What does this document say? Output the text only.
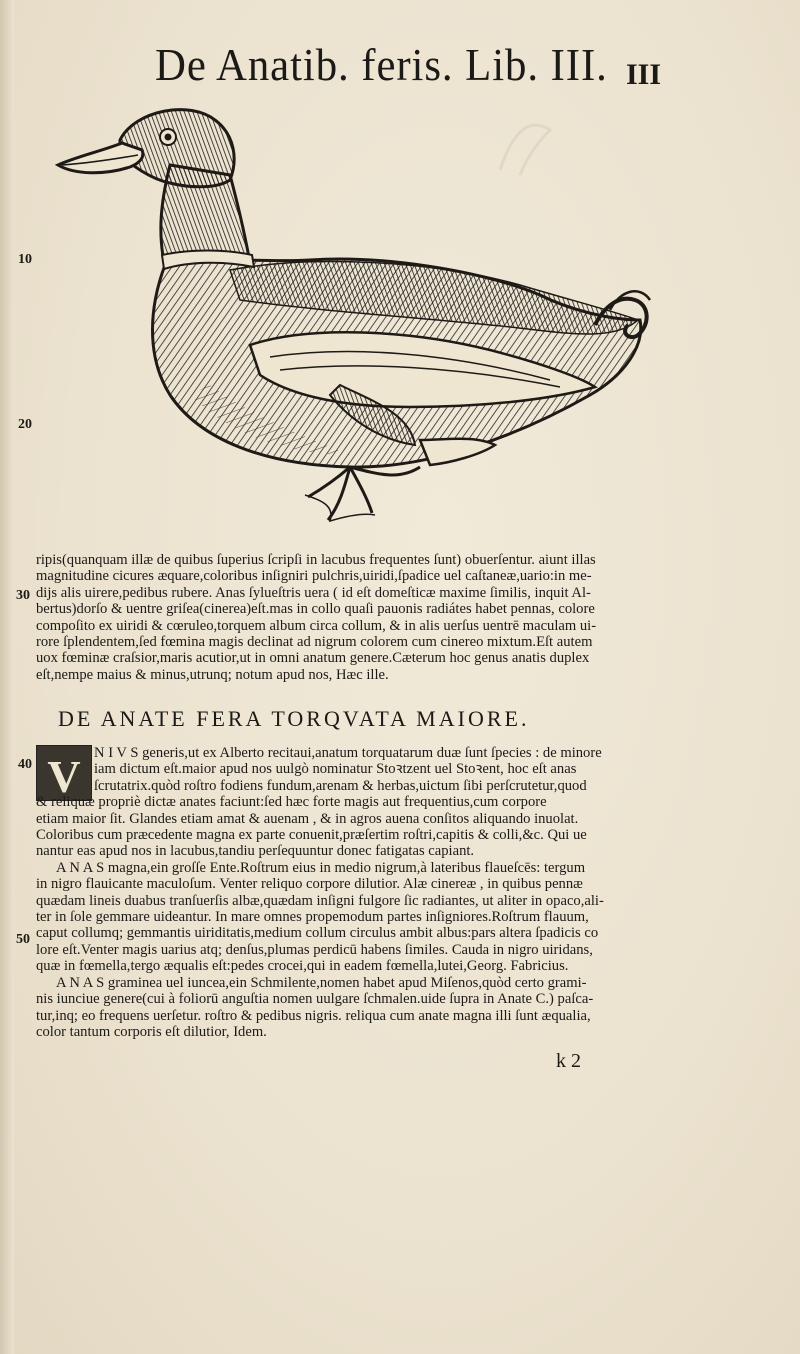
De Anatib. feris. Lib. III. III
10
20
30
40
50
ripis(quanquam illæ de quibus ſuperius ſcripſi in lacubus frequentes ſunt) obuerſentur. aiunt illas
magnitudine cicures æquare,coloribus inſigniri pulchris,uiridi,ſpadice uel caſtaneæ,uario:in me-
dijs alis uirere,pedibus rubere. Anas ſylueſtris uera ( id eſt domeſticæ maxime ſimilis, inquit Al-
bertus)dorſo & uentre griſea(cinerea)eſt.mas in collo quaſi pauonis radiátes habet pennas, colore
compoſito ex uiridi & cœruleo,torquem album circa collum, & in alis uerſus uentrē maculam ui-
rore ſplendentem,ſed fœmina magis declinat ad nigrum colorem cum cinereo mixtum.Eſt autem
uox fœminæ craſsior,maris acutior,ut in omni anatum genere.Cæterum hoc genus anatis duplex
eſt,nempe maius & minus,utrunq; notum apud nos, Hæc ille.
DE ANATE FERA TORQVATA MAIORE.
V N I V S generis,ut ex Alberto recitaui,anatum torquatarum duæ ſunt ſpecies : de minore
iam dictum eſt.maior apud nos uulgò nominatur Stoꝛtzent uel Stoꝛent, hoc eſt anas
ſcrutatrix.quòd roſtro fodiens fundum,arenam & herbas,uictum ſibi perſcrutetur,quod
& reliquæ propriè dictæ anates faciunt:ſed hæc forte magis aut frequentius,cum corpore
etiam maior ſit. Glandes etiam amat & auenam , & in agros auena conſitos aliquando inuolat.
Coloribus cum præcedente magna ex parte conuenit,præſertim roſtri,capitis & colli,&c. Qui ue
nantur eas apud nos in lacubus,tandiu perſequuntur donec fatigatas capiant.
A N A S magna,ein groſſe Ente.Roſtrum eius in medio nigrum,à lateribus flaueſcēs: tergum
in nigro flauicante maculoſum. Venter reliquo corpore dilutior. Alæ cinereæ , in quibus pennæ
quædam lineis duabus tranſuerſis albæ,quædam inſigni fulgore ſic radiantes, ut aliter in opaco,ali-
ter in ſole gemmare uideantur. In mare omnes propemodum partes inſigniores.Roſtrum flauum,
caput collumq; gemmantis uiriditatis,medium collum circulus ambit albus:pars altera ſpadicis co
lore eſt.Venter magis uarius atq; denſus,plumas perdicū habens ſimiles. Cauda in nigro uiridans,
quæ in fœmella,tergo æqualis eſt:pedes crocei,qui in eadem fœmella,lutei,Georg. Fabricius.
A N A S graminea uel iuncea,ein Schmilente,nomen habet apud Miſenos,quòd certo grami-
nis iunciue genere(cui à foliorū anguſtia nomen uulgare ſchmalen.uide ſupra in Anate C.) paſca-
tur,inq; eo frequens uerſetur. roſtro & pedibus nigris. reliqua cum anate magna illi ſunt æqualia,
color tantum corporis eſt dilutior, Idem.
k 2
